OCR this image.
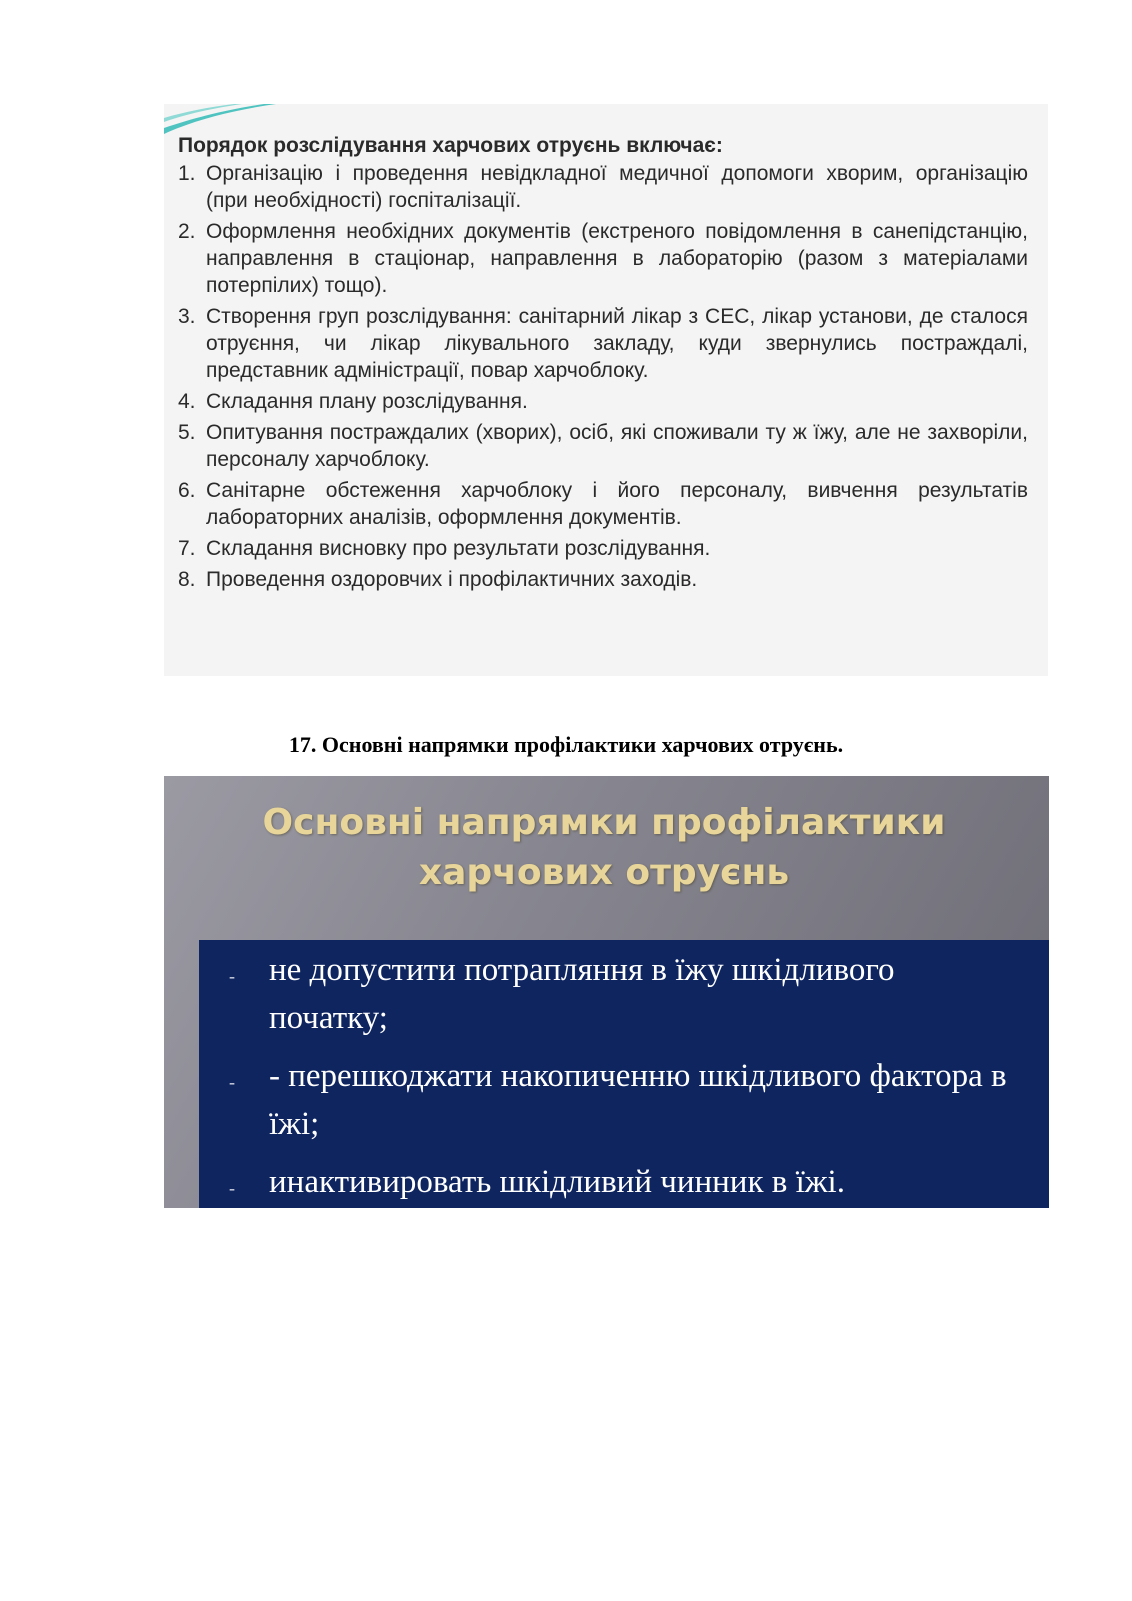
Порядок розслідування харчових отруєнь включає:

1. Організацію і проведення невідкладної медичної допомоги хворим, організацію (при необхідності) госпіталізації.
2. Оформлення необхідних документів (екстреного повідомлення в санепідстанцію, направлення в стаціонар, направлення в лабораторію (разом з матеріалами потерпілих) тощо).
3. Створення груп розслідування: санітарний лікар з СЕС, лікар установи, де сталося отруєння, чи лікар лікувального закладу, куди звернулись постраждалі, представник адміністрації, повар харчоблоку.
4. Складання плану розслідування.
5. Опитування постраждалих (хворих), осіб, які споживали ту ж їжу, але не захворіли, персоналу харчоблоку.
6. Санітарне обстеження харчоблоку і його персоналу, вивчення результатів лабораторних аналізів, оформлення документів.
7. Складання висновку про результати розслідування.
8. Проведення оздоровчих і профілактичних заходів.

17. Основні напрямки профілактики харчових отруєнь.

Основні напрямки профілактики
харчових отруєнь
-	не допустити потрапляння в їжу шкідливого початку;
-	- перешкоджати накопиченню шкідливого фактора в їжі;
-	инактивировать шкідливий чинник в їжі.
